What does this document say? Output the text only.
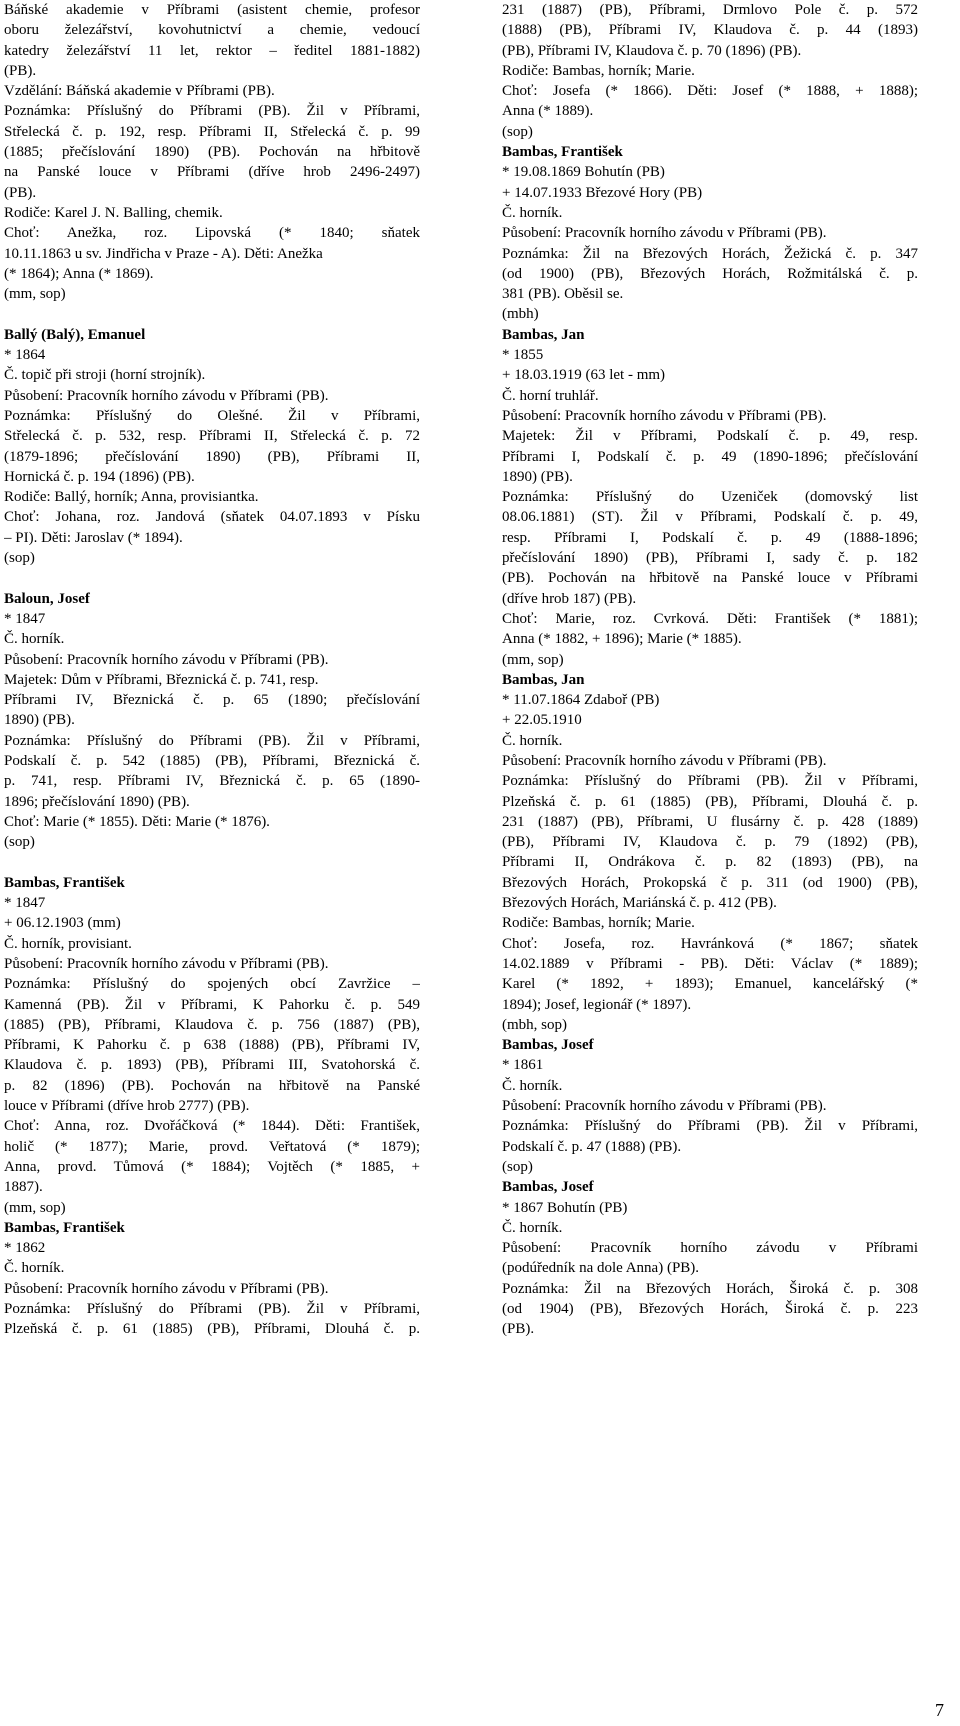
Báňské akademie v Příbrami (asistent chemie, profesor
oboru železářství, kovohutnictví a chemie, vedoucí
katedry železářství 11 let, rektor – ředitel 1881-1882)
(PB).
Vzdělání: Báňská akademie v Příbrami (PB).
Poznámka: Příslušný do Příbrami (PB). Žil v Příbrami,
Střelecká č. p. 192, resp. Příbrami II, Střelecká č. p. 99
(1885; přečíslování 1890) (PB). Pochován na hřbitově
na Panské louce v Příbrami (dříve hrob 2496-2497)
(PB).
Rodiče: Karel J. N. Balling, chemik.
Choť: Anežka, roz. Lipovská (* 1840; sňatek
10.11.1863 u sv. Jindřicha v Praze - A). Děti: Anežka
(* 1864); Anna (* 1869).
(mm, sop)
Ballý (Balý), Emanuel
* 1864
Č. topič při stroji (horní strojník).
Působení: Pracovník horního závodu v Příbrami (PB).
Poznámka: Příslušný do Olešné. Žil v Příbrami,
Střelecká č. p. 532, resp. Příbrami II, Střelecká č. p. 72
(1879-1896; přečíslování 1890) (PB), Příbrami II,
Hornická č. p. 194 (1896) (PB).
Rodiče: Ballý, horník; Anna, provisiantka.
Choť: Johana, roz. Jandová (sňatek 04.07.1893 v Písku
– PI). Děti: Jaroslav (* 1894).
(sop)
Baloun, Josef
* 1847
Č. horník.
Působení: Pracovník horního závodu v Příbrami (PB).
Majetek: Dům v Příbrami, Březnická č. p. 741, resp.
Příbrami IV, Březnická č. p. 65 (1890; přečíslování
1890) (PB).
Poznámka: Příslušný do Příbrami (PB). Žil v Příbrami,
Podskalí č. p. 542 (1885) (PB), Příbrami, Březnická č.
p. 741, resp. Příbrami IV, Březnická č. p. 65 (1890-
1896; přečíslování 1890) (PB).
Choť: Marie (* 1855). Děti: Marie (* 1876).
(sop)
Bambas, František
* 1847
+ 06.12.1903 (mm)
Č. horník, provisiant.
Působení: Pracovník horního závodu v Příbrami (PB).
Poznámka: Příslušný do spojených obcí Zavržice –
Kamenná (PB). Žil v Příbrami, K Pahorku č. p. 549
(1885) (PB), Příbrami, Klaudova č. p. 756 (1887) (PB),
Příbrami, K Pahorku č. p 638 (1888) (PB), Příbrami IV,
Klaudova č. p. 1893) (PB), Příbrami III, Svatohorská č.
p. 82 (1896) (PB). Pochován na hřbitově na Panské
louce v Příbrami (dříve hrob 2777) (PB).
Choť: Anna, roz. Dvořáčková (* 1844). Děti: František,
holič (* 1877); Marie, provd. Veřtatová (* 1879);
Anna, provd. Tůmová (* 1884); Vojtěch (* 1885, +
1887).
(mm, sop)
Bambas, František
* 1862
Č. horník.
Působení: Pracovník horního závodu v Příbrami (PB).
Poznámka: Příslušný do Příbrami (PB). Žil v Příbrami,
Plzeňská č. p. 61 (1885) (PB), Příbrami, Dlouhá č. p.
231 (1887) (PB), Příbrami, Drmlovo Pole č. p. 572
(1888) (PB), Příbrami IV, Klaudova č. p. 44 (1893)
(PB), Příbrami IV, Klaudova č. p. 70 (1896) (PB).
Rodiče: Bambas, horník; Marie.
Choť: Josefa (* 1866). Děti: Josef (* 1888, + 1888);
Anna (* 1889).
(sop)
Bambas, František
* 19.08.1869 Bohutín (PB)
+ 14.07.1933 Březové Hory (PB)
Č. horník.
Působení: Pracovník horního závodu v Příbrami (PB).
Poznámka: Žil na Březových Horách, Žežická č. p. 347
(od 1900) (PB), Březových Horách, Rožmitálská č. p.
381 (PB). Oběsil se.
(mbh)
Bambas, Jan
* 1855
+ 18.03.1919 (63 let - mm)
Č. horní truhlář.
Působení: Pracovník horního závodu v Příbrami (PB).
Majetek: Žil v Příbrami, Podskalí č. p. 49, resp.
Příbrami I, Podskalí č. p. 49 (1890-1896; přečíslování
1890) (PB).
Poznámka: Příslušný do Uzeniček (domovský list
08.06.1881) (ST). Žil v Příbrami, Podskalí č. p. 49,
resp. Příbrami I, Podskalí č. p. 49 (1888-1896;
přečíslování 1890) (PB), Příbrami I, sady č. p. 182
(PB). Pochován na hřbitově na Panské louce v Příbrami
(dříve hrob 187) (PB).
Choť: Marie, roz. Cvrková. Děti: František (* 1881);
Anna (* 1882, + 1896); Marie (* 1885).
(mm, sop)
Bambas, Jan
* 11.07.1864 Zdaboř (PB)
+ 22.05.1910
Č. horník.
Působení: Pracovník horního závodu v Příbrami (PB).
Poznámka: Příslušný do Příbrami (PB). Žil v Příbrami,
Plzeňská č. p. 61 (1885) (PB), Příbrami, Dlouhá č. p.
231 (1887) (PB), Příbrami, U flusárny č. p. 428 (1889)
(PB), Příbrami IV, Klaudova č. p. 79 (1892) (PB),
Příbrami II, Ondrákova č. p. 82 (1893) (PB), na
Březových Horách, Prokopská č p. 311 (od 1900) (PB),
Březových Horách, Mariánská č. p. 412 (PB).
Rodiče: Bambas, horník; Marie.
Choť: Josefa, roz. Havránková (* 1867; sňatek
14.02.1889 v Příbrami - PB). Děti: Václav (* 1889);
Karel (* 1892, + 1893); Emanuel, kancelářský (*
1894); Josef, legionář (* 1897).
(mbh, sop)
Bambas, Josef
* 1861
Č. horník.
Působení: Pracovník horního závodu v Příbrami (PB).
Poznámka: Příslušný do Příbrami (PB). Žil v Příbrami,
Podskalí č. p. 47 (1888) (PB).
(sop)
Bambas, Josef
* 1867 Bohutín (PB)
Č. horník.
Působení: Pracovník horního závodu v Příbrami
(podúředník na dole Anna) (PB).
Poznámka: Žil na Březových Horách, Široká č. p. 308
(od 1904) (PB), Březových Horách, Široká č. p. 223
(PB).
7
